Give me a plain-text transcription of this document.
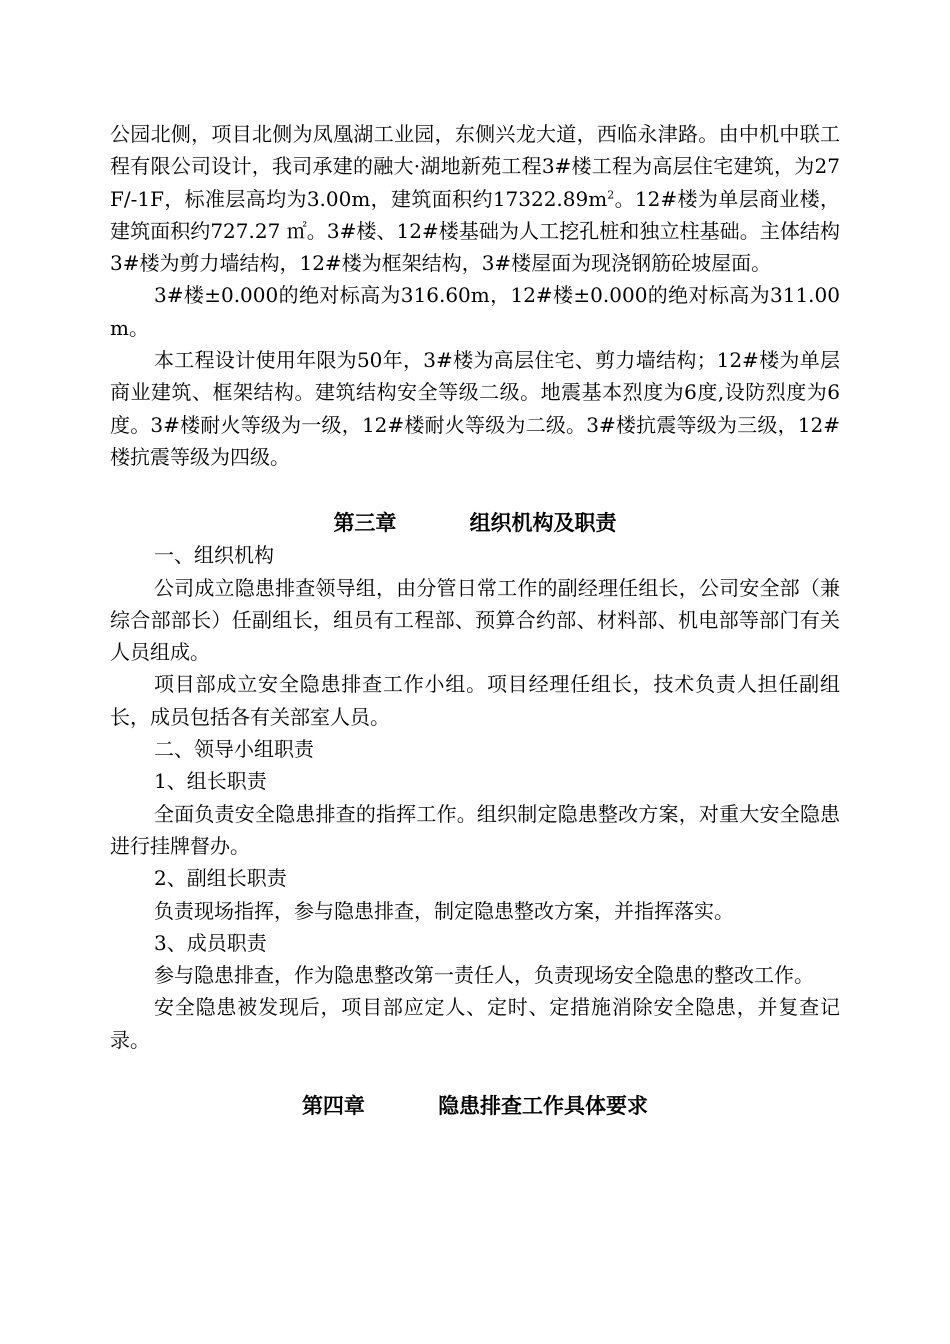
公园北侧，项目北侧为凤凰湖工业园，东侧兴龙大道，西临永津路。由中机中联工程有限公司设计，我司承建的融大·湖地新苑工程3#楼工程为高层住宅建筑，为27F/-1F，标准层高均为3.00m，建筑面积约$17322.89m^2$。12#楼为单层商业楼，建筑面积约727.27 ㎡。3#楼、12#楼基础为人工挖孔桩和独立柱基础。主体结构3#楼为剪力墙结构，12#楼为框架结构，3#楼屋面为现浇钢筋砼坡屋面。

3#楼±0.000的绝对标高为316.60m，12#楼±0.000的绝对标高为311.00m。

本工程设计使用年限为50年，3#楼为高层住宅、剪力墙结构；12#楼为单层商业建筑、框架结构。建筑结构安全等级二级。地震基本烈度为6度,设防烈度为6度。3#楼耐火等级为一级，12#楼耐火等级为二级。3#楼抗震等级为三级，12#楼抗震等级为四级。

第三章	组织机构及职责

一、组织机构

公司成立隐患排查领导组，由分管日常工作的副经理任组长，公司安全部（兼综合部部长）任副组长，组员有工程部、预算合约部、材料部、机电部等部门有关人员组成。

项目部成立安全隐患排查工作小组。项目经理任组长，技术负责人担任副组长，成员包括各有关部室人员。

二、领导小组职责

1、组长职责

全面负责安全隐患排查的指挥工作。组织制定隐患整改方案，对重大安全隐患进行挂牌督办。

2、副组长职责

负责现场指挥，参与隐患排查，制定隐患整改方案，并指挥落实。

3、成员职责

参与隐患排查，作为隐患整改第一责任人，负责现场安全隐患的整改工作。

安全隐患被发现后，项目部应定人、定时、定措施消除安全隐患，并复查记录。

第四章	隐患排查工作具体要求
